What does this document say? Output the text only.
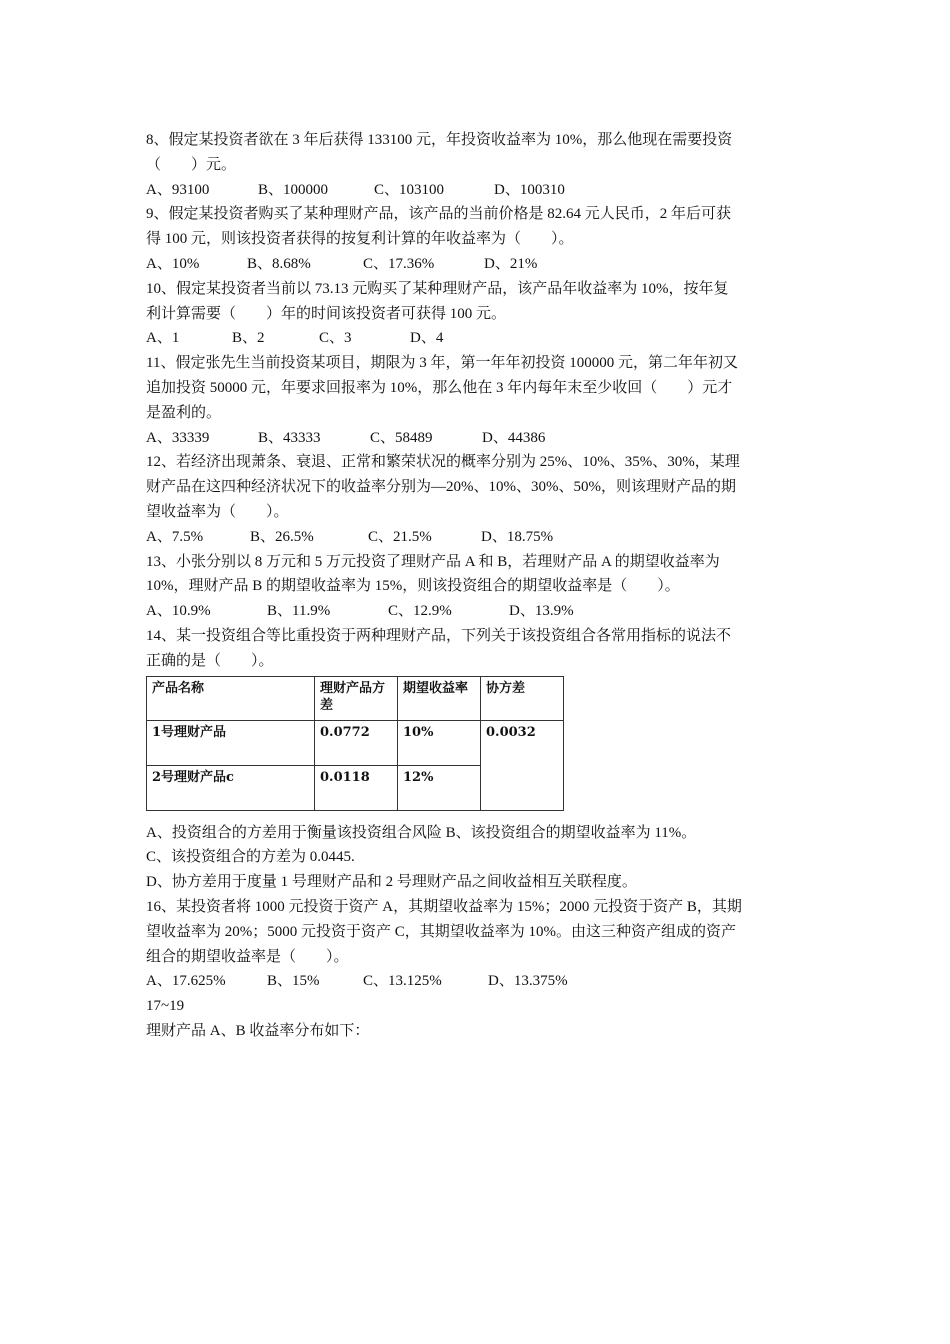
8、假定某投资者欲在 3 年后获得 133100 元，年投资收益率为 10%，那么他现在需要投资
（　　）元。
A、93100	B、100000	C、103100	D、100310
9、假定某投资者购买了某种理财产品，该产品的当前价格是 82.64 元人民币，2 年后可获
得 100 元，则该投资者获得的按复利计算的年收益率为（　　）。
A、10%	B、8.68%	C、17.36%	D、21%
10、假定某投资者当前以 73.13 元购买了某种理财产品，该产品年收益率为 10%，按年复
利计算需要（　　）年的时间该投资者可获得 100 元。
A、1	B、2	C、3	D、4
11、假定张先生当前投资某项目，期限为 3 年，第一年年初投资 100000 元，第二年年初又
追加投资 50000 元，年要求回报率为 10%，那么他在 3 年内每年末至少收回（　　）元才
是盈利的。
A、33339	B、43333	C、58489	D、44386
12、若经济出现萧条、衰退、正常和繁荣状况的概率分别为 25%、10%、35%、30%，某理
财产品在这四种经济状况下的收益率分别为—20%、10%、30%、50%，则该理财产品的期
望收益率为（　　）。
A、7.5%	B、26.5%	C、21.5%	D、18.75%
13、小张分别以 8 万元和 5 万元投资了理财产品 A 和 B，若理财产品 A 的期望收益率为
10%，理财产品 B 的期望收益率为 15%，则该投资组合的期望收益率是（　　）。
A、10.9%	B、11.9%	C、12.9%	D、13.9%
14、某一投资组合等比重投资于两种理财产品，下列关于该投资组合各常用指标的说法不
正确的是（　　）。
产品名称	理财产品方差	期望收益率	协方差
1号理财产品	0.0772	10%	0.0032
2号理财产品c	0.0118	12%	
A、投资组合的方差用于衡量该投资组合风险 B、该投资组合的期望收益率为 11%。
C、该投资组合的方差为 0.0445.
D、协方差用于度量 1 号理财产品和 2 号理财产品之间收益相互关联程度。
16、某投资者将 1000 元投资于资产 A，其期望收益率为 15%；2000 元投资于资产 B，其期
望收益率为 20%；5000 元投资于资产 C，其期望收益率为 10%。由这三种资产组成的资产
组合的期望收益率是（　　）。
A、17.625%	B、15%	C、13.125%	D、13.375%
17~19
理财产品 A、B 收益率分布如下：
